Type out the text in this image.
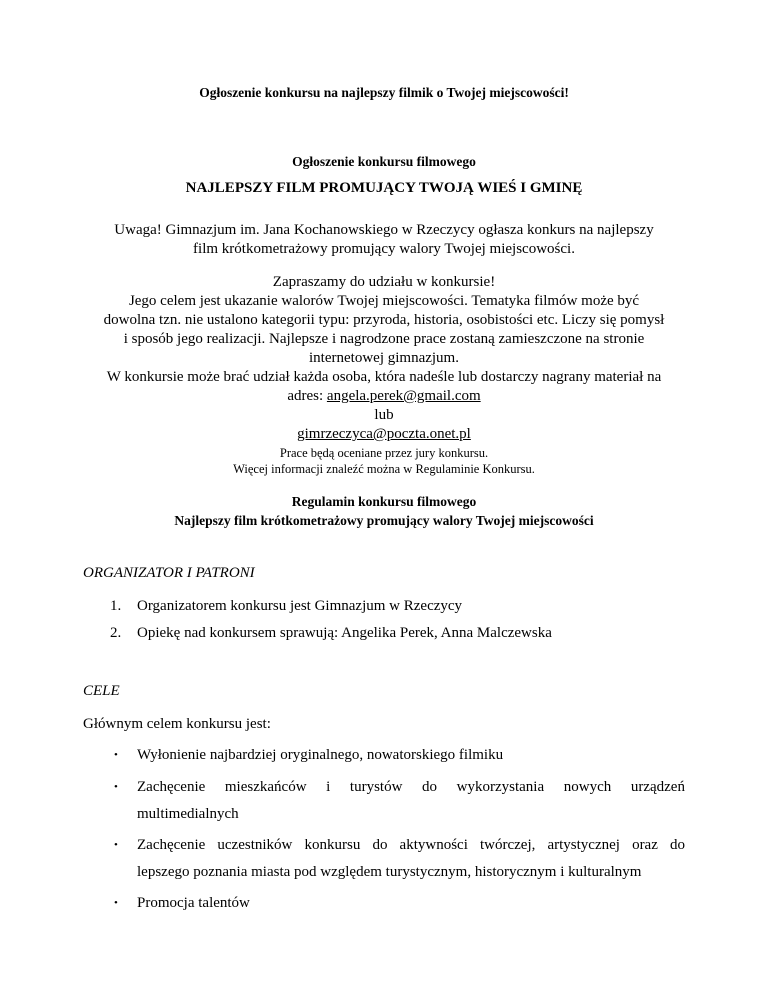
Ogłoszenie konkursu na najlepszy filmik o Twojej miejscowości!
Ogłoszenie konkursu filmowego
NAJLEPSZY FILM PROMUJĄCY TWOJĄ WIEŚ I GMINĘ
Uwaga! Gimnazjum im. Jana Kochanowskiego w Rzeczycy ogłasza konkurs na najlepszy
film krótkometrażowy promujący walory Twojej miejscowości.
Zapraszamy do udziału w konkursie!
Jego celem jest ukazanie walorów Twojej miejscowości. Tematyka filmów może być
dowolna tzn. nie ustalono kategorii typu: przyroda, historia, osobistości etc. Liczy się pomysł
i sposób jego realizacji. Najlepsze i nagrodzone prace zostaną zamieszczone na stronie
internetowej gimnazjum.
W konkursie może brać udział każda osoba, która nadeśle lub dostarczy nagrany materiał na
adres: angela.perek@gmail.com
lub
gimrzeczyca@poczta.onet.pl
Prace będą oceniane przez jury konkursu.
Więcej informacji znaleźć można w Regulaminie Konkursu.
Regulamin konkursu filmowego
Najlepszy film krótkometrażowy promujący walory Twojej miejscowości
ORGANIZATOR I PATRONI
1. Organizatorem konkursu jest Gimnazjum w Rzeczycy
2. Opiekę nad konkursem sprawują: Angelika Perek, Anna Malczewska
CELE
Głównym celem konkursu jest:
• Wyłonienie najbardziej oryginalnego, nowatorskiego filmiku
• Zachęcenie mieszkańców i turystów do wykorzystania nowych urządzeń
multimedialnych
• Zachęcenie uczestników konkursu do aktywności twórczej, artystycznej oraz do
lepszego poznania miasta pod względem turystycznym, historycznym i kulturalnym
• Promocja talentów
